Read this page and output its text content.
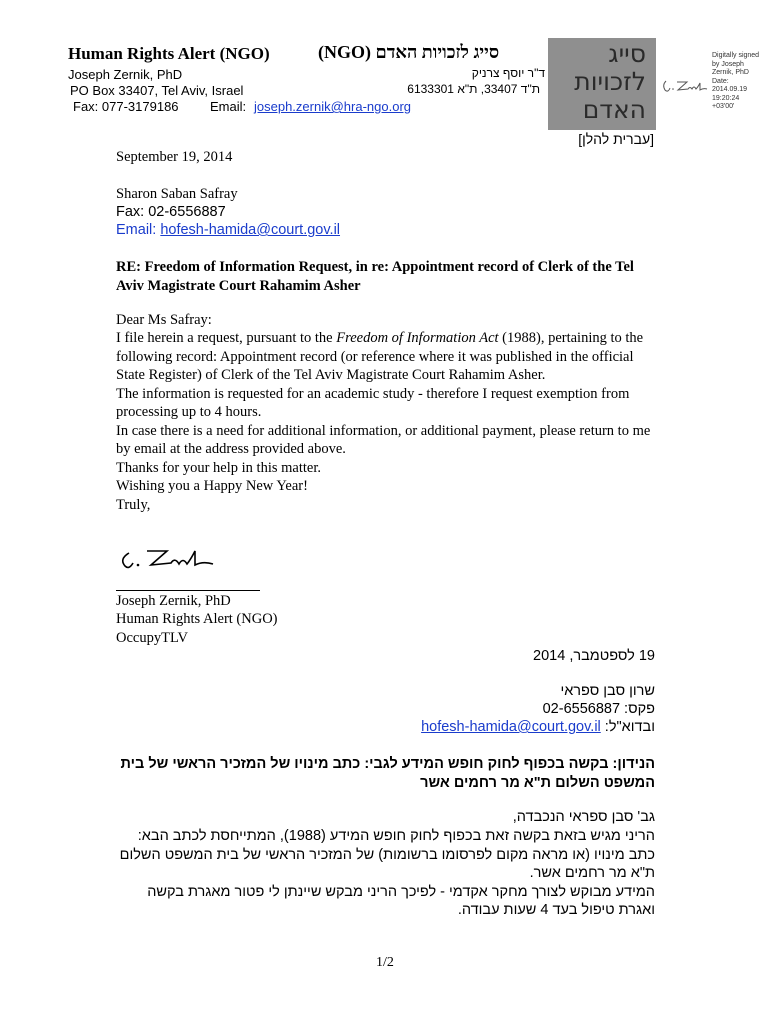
Human Rights Alert (NGO)	(NGO) סייג לזכויות האדם
Joseph Zernik, PhD	ד"ר יוסף צרניק
PO Box 33407, Tel Aviv, Israel	ת"ד 33407, ת"א 6133301
Fax: 077-3179186 Email: joseph.zernik@hra-ngo.org
סייג
לזכויות
האדם
[עברית להלן]
Digitally signed
by Joseph
Zernik, PhD
Date:
2014.09.19
19:20:24
+03'00'
September 19, 2014
Sharon Saban Safray
Fax: 02-6556887
Email: hofesh-hamida@court.gov.il
RE: Freedom of Information Request, in re: Appointment record of Clerk of the Tel Aviv Magistrate Court Rahamim Asher
Dear Ms Safray:
I file herein a request, pursuant to the Freedom of Information Act (1988), pertaining to the following record: Appointment record (or reference where it was published in the official State Register) of Clerk of the Tel Aviv Magistrate Court Rahamim Asher.
The information is requested for an academic study - therefore I request exemption from processing up to 4 hours.
In case there is a need for additional information, or additional payment, please return to me by email at the address provided above.
Thanks for your help in this matter.
Wishing you a Happy New Year!
Truly,
Joseph Zernik, PhD
Human Rights Alert (NGO)
OccupyTLV
19 לספטמבר, 2014
שרון סבן ספראי
פקס: 02-6556887
ובדוא"ל: hofesh-hamida@court.gov.il
הנידון: בקשה בכפוף לחוק חופש המידע לגבי: כתב מינויו של המזכיר הראשי של בית המשפט השלום ת"א מר רחמים אשר
גב' סבן ספראי הנכבדה,
הריני מגיש בזאת בקשה זאת בכפוף לחוק חופש המידע (1988), המתייחסת לכתב הבא: כתב מינויו (או מראה מקום לפרסומו ברשומות) של המזכיר הראשי של בית המשפט השלום ת"א מר רחמים אשר.
המידע מבוקש לצורך מחקר אקדמי - לפיכך הריני מבקש שיינתן לי פטור מאגרת בקשה ואגרת טיפול בעד 4 שעות עבודה.
1/2
